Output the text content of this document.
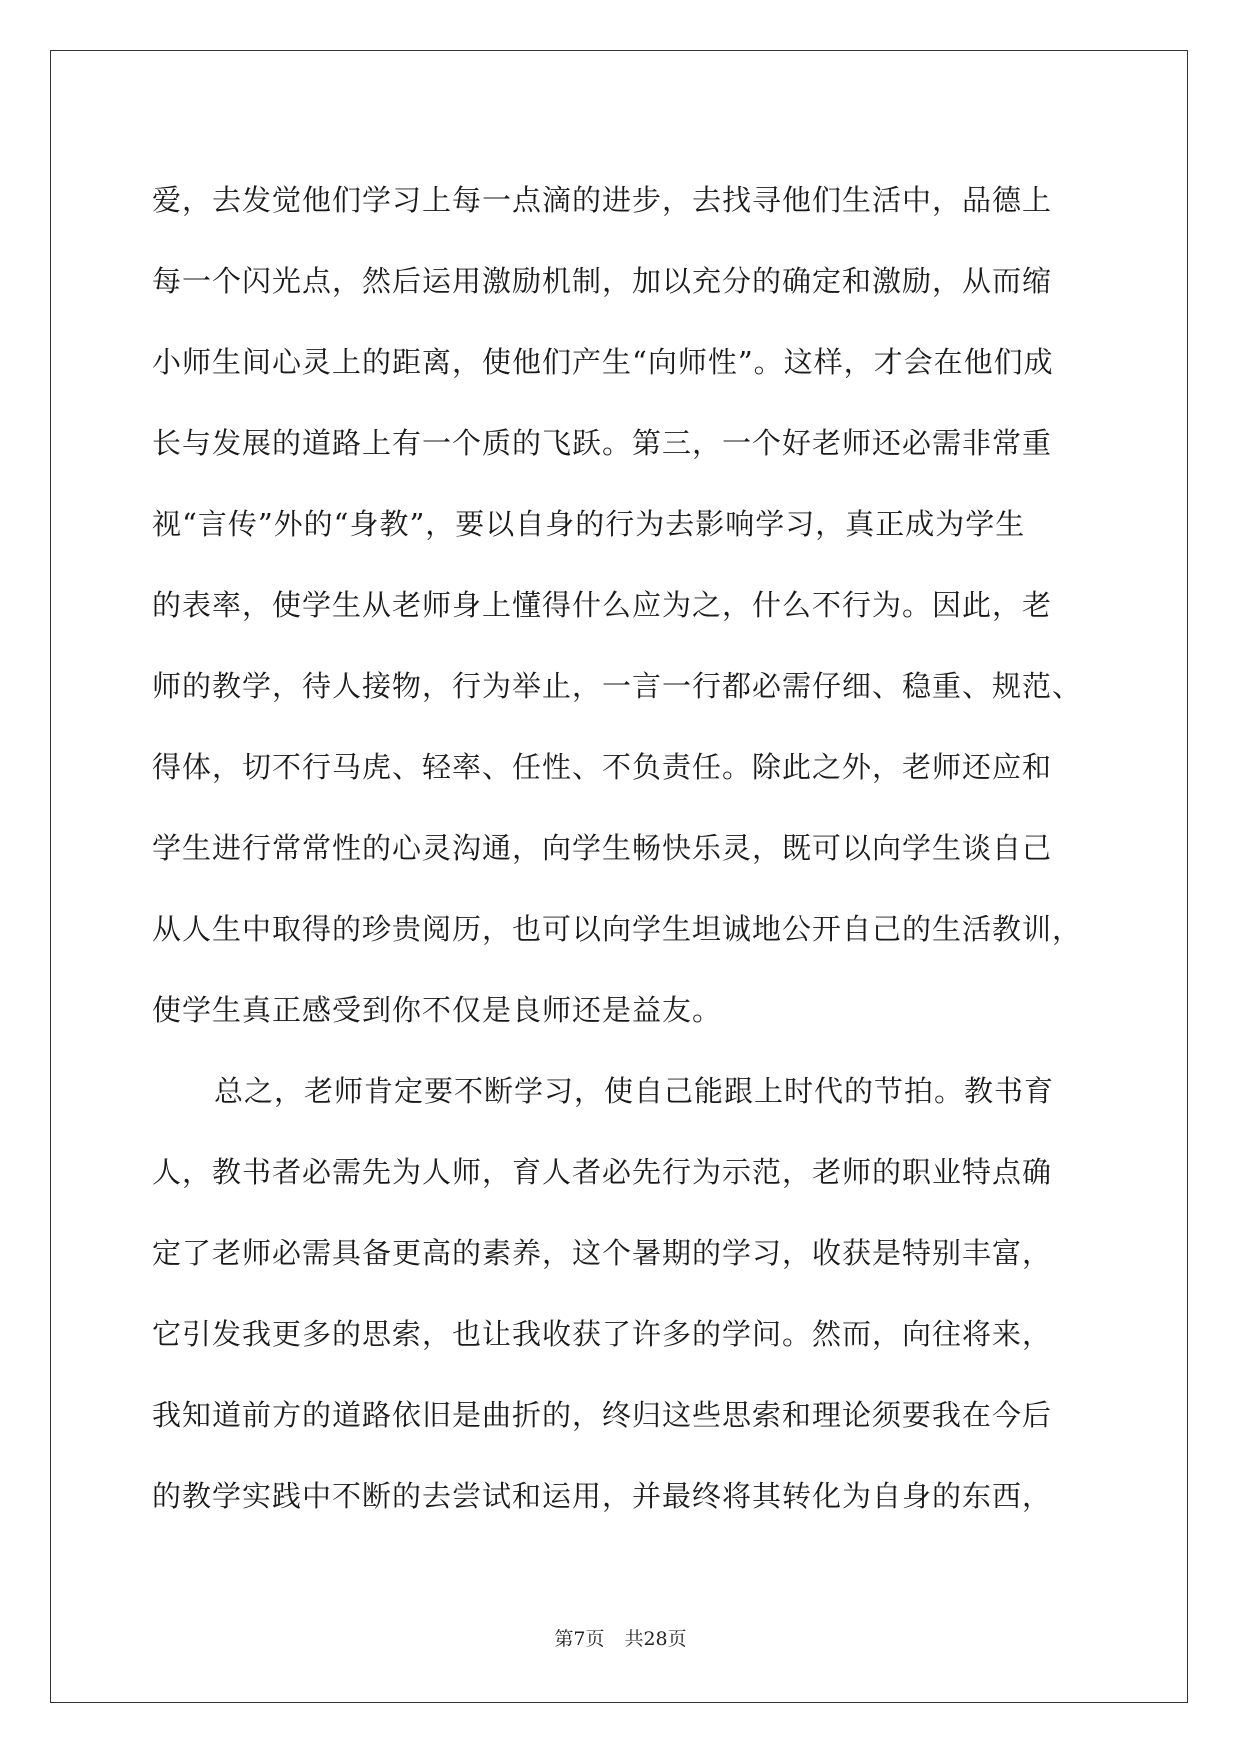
爱，去发觉他们学习上每一点滴的进步，去找寻他们生活中，品德上
每一个闪光点，然后运用激励机制，加以充分的确定和激励，从而缩
小师生间心灵上的距离，使他们产生“向师性”。这样，才会在他们成
长与发展的道路上有一个质的飞跃。第三，一个好老师还必需非常重
视“言传”外的“身教”，要以自身的行为去影响学习，真正成为学生
的表率，使学生从老师身上懂得什么应为之，什么不行为。因此，老
师的教学，待人接物，行为举止，一言一行都必需仔细、稳重、规范、
得体，切不行马虎、轻率、任性、不负责任。除此之外，老师还应和
学生进行常常性的心灵沟通，向学生畅快乐灵，既可以向学生谈自己
从人生中取得的珍贵阅历，也可以向学生坦诚地公开自己的生活教训，
使学生真正感受到你不仅是良师还是益友。
总之，老师肯定要不断学习，使自己能跟上时代的节拍。教书育
人，教书者必需先为人师，育人者必先行为示范，老师的职业特点确
定了老师必需具备更高的素养，这个暑期的学习，收获是特别丰富，
它引发我更多的思索，也让我收获了许多的学问。然而，向往将来，
我知道前方的道路依旧是曲折的，终归这些思索和理论须要我在今后
的教学实践中不断的去尝试和运用，并最终将其转化为自身的东西，
第7页 共28页
